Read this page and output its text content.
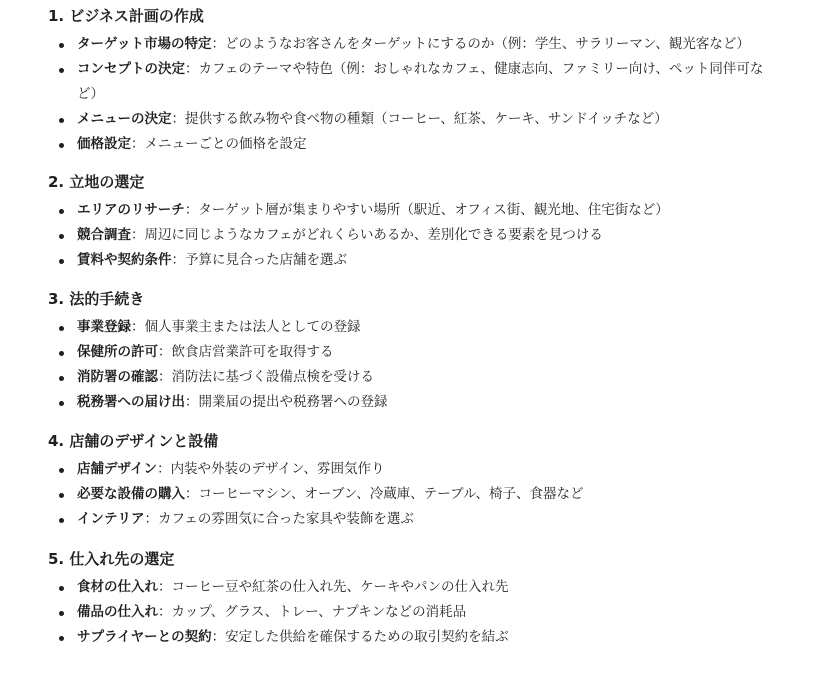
1. ビジネス計画の作成
ターゲット市場の特定：どのようなお客さんをターゲットにするのか（例：学生、サラリーマン、観光客など）
コンセプトの決定：カフェのテーマや特色（例：おしゃれなカフェ、健康志向、ファミリー向け、ペット同伴可など）
メニューの決定：提供する飲み物や食べ物の種類（コーヒー、紅茶、ケーキ、サンドイッチなど）
価格設定：メニューごとの価格を設定
2. 立地の選定
エリアのリサーチ：ターゲット層が集まりやすい場所（駅近、オフィス街、観光地、住宅街など）
競合調査：周辺に同じようなカフェがどれくらいあるか、差別化できる要素を見つける
賃料や契約条件：予算に見合った店舗を選ぶ
3. 法的手続き
事業登録：個人事業主または法人としての登録
保健所の許可：飲食店営業許可を取得する
消防署の確認：消防法に基づく設備点検を受ける
税務署への届け出：開業届の提出や税務署への登録
4. 店舗のデザインと設備
店舗デザイン：内装や外装のデザイン、雰囲気作り
必要な設備の購入：コーヒーマシン、オーブン、冷蔵庫、テーブル、椅子、食器など
インテリア：カフェの雰囲気に合った家具や装飾を選ぶ
5. 仕入れ先の選定
食材の仕入れ：コーヒー豆や紅茶の仕入れ先、ケーキやパンの仕入れ先
備品の仕入れ：カップ、グラス、トレー、ナプキンなどの消耗品
サプライヤーとの契約：安定した供給を確保するための取引契約を結ぶ
